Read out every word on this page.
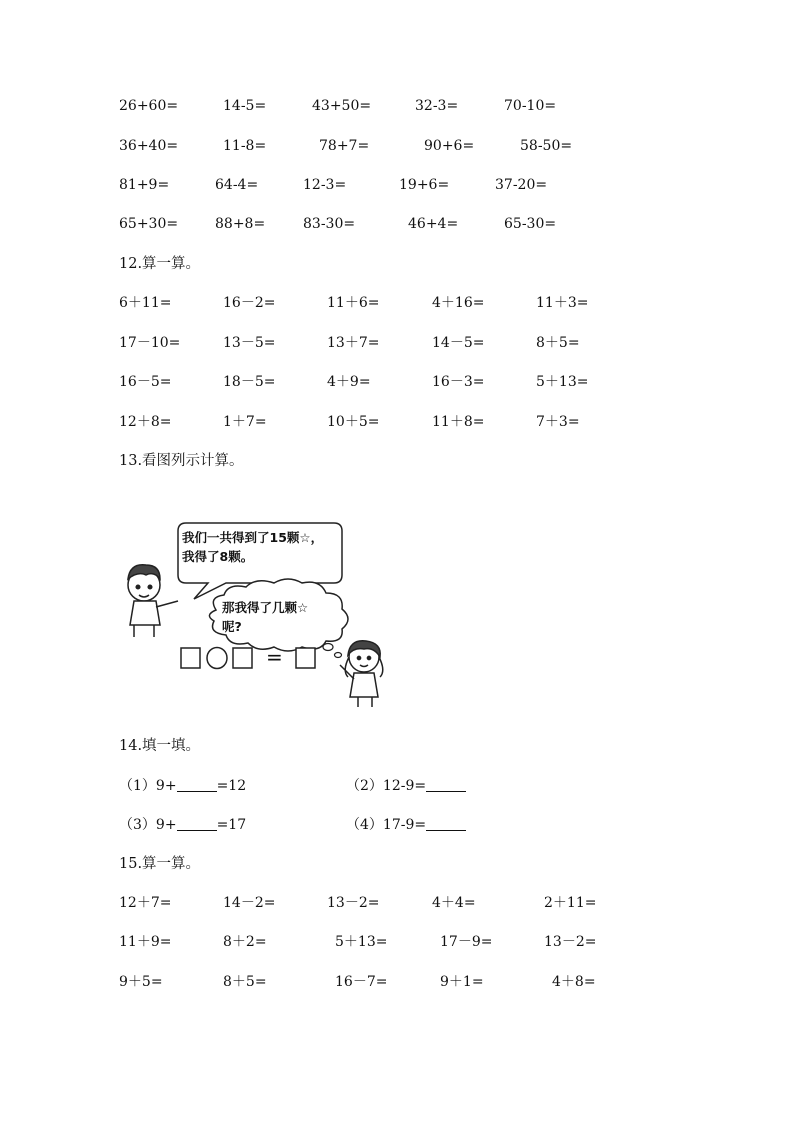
26+60=	14-5=	43+50=	32-3=	70-10=
36+40=	11-8=	78+7=	90+6=	58-50=
81+9=	64-4=	12-3=	19+6=	37-20=
65+30=	88+8=	83-30=	46+4=	65-30=
12.算一算。
6＋11=	16－2=	11＋6=	4＋16=	11＋3=
17－10=	13－5=	13＋7=	14－5=	8＋5=
16－5=	18－5=	4＋9=	16－3=	5＋13=
12＋8=	1＋7=	10＋5=	11＋8=	7＋3=
13.看图列示计算。
我们一共得到了15颗☆，
我得了8颗。
那我得了几颗☆
呢?
=
14.填一填。
（1）9+	=12	（2）12-9=
（3）9+	=17	（4）17-9=
15.算一算。
12＋7=	14－2=	13－2=	4＋4=	2＋11=
11＋9=	8＋2=	5＋13=	17－9=	13－2=
9＋5=	8＋5=	16－7=	9＋1=	4＋8=
